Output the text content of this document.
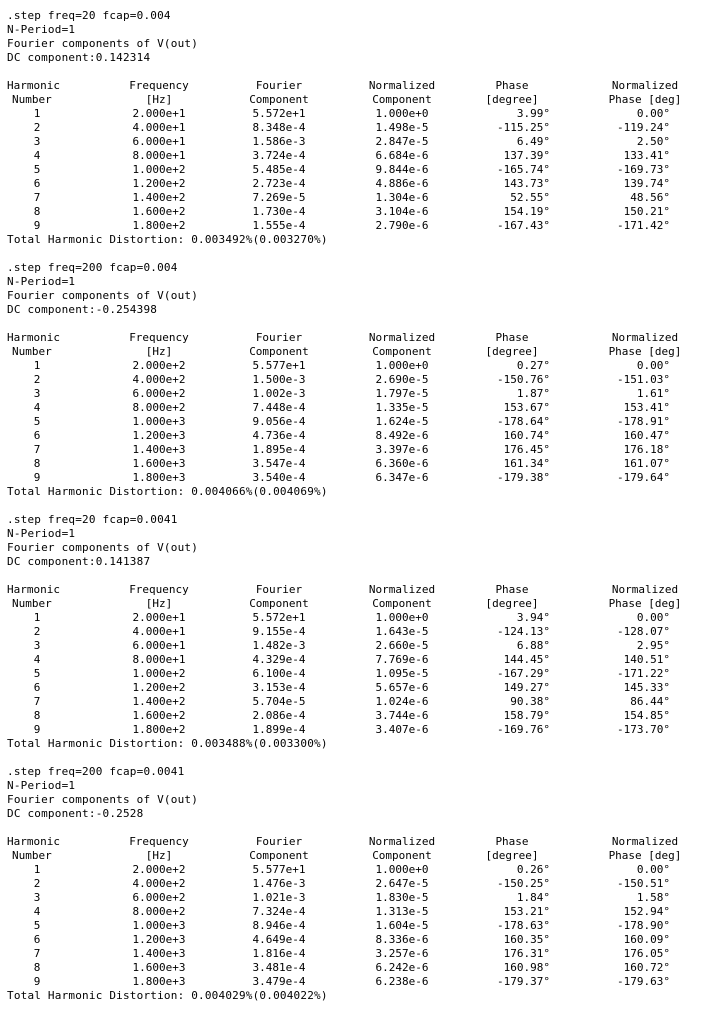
.step freq=20 fcap=0.004
N-Period=1
Fourier components of V(out)
DC component:0.142314
Harmonic	Frequency	Fourier	Normalized	Phase	Normalized
Number	[Hz]	Component	Component	[degree]	Phase [deg]
1	2.000e+1	5.572e+1	1.000e+0	3.99°	0.00°
2	4.000e+1	8.348e-4	1.498e-5	-115.25°	-119.24°
3	6.000e+1	1.586e-3	2.847e-5	6.49°	2.50°
4	8.000e+1	3.724e-4	6.684e-6	137.39°	133.41°
5	1.000e+2	5.485e-4	9.844e-6	-165.74°	-169.73°
6	1.200e+2	2.723e-4	4.886e-6	143.73°	139.74°
7	1.400e+2	7.269e-5	1.304e-6	52.55°	48.56°
8	1.600e+2	1.730e-4	3.104e-6	154.19°	150.21°
9	1.800e+2	1.555e-4	2.790e-6	-167.43°	-171.42°
Total Harmonic Distortion: 0.003492%(0.003270%)
.step freq=200 fcap=0.004
N-Period=1
Fourier components of V(out)
DC component:-0.254398
Harmonic	Frequency	Fourier	Normalized	Phase	Normalized
Number	[Hz]	Component	Component	[degree]	Phase [deg]
1	2.000e+2	5.577e+1	1.000e+0	0.27°	0.00°
2	4.000e+2	1.500e-3	2.690e-5	-150.76°	-151.03°
3	6.000e+2	1.002e-3	1.797e-5	1.87°	1.61°
4	8.000e+2	7.448e-4	1.335e-5	153.67°	153.41°
5	1.000e+3	9.056e-4	1.624e-5	-178.64°	-178.91°
6	1.200e+3	4.736e-4	8.492e-6	160.74°	160.47°
7	1.400e+3	1.895e-4	3.397e-6	176.45°	176.18°
8	1.600e+3	3.547e-4	6.360e-6	161.34°	161.07°
9	1.800e+3	3.540e-4	6.347e-6	-179.38°	-179.64°
Total Harmonic Distortion: 0.004066%(0.004069%)
.step freq=20 fcap=0.0041
N-Period=1
Fourier components of V(out)
DC component:0.141387
Harmonic	Frequency	Fourier	Normalized	Phase	Normalized
Number	[Hz]	Component	Component	[degree]	Phase [deg]
1	2.000e+1	5.572e+1	1.000e+0	3.94°	0.00°
2	4.000e+1	9.155e-4	1.643e-5	-124.13°	-128.07°
3	6.000e+1	1.482e-3	2.660e-5	6.88°	2.95°
4	8.000e+1	4.329e-4	7.769e-6	144.45°	140.51°
5	1.000e+2	6.100e-4	1.095e-5	-167.29°	-171.22°
6	1.200e+2	3.153e-4	5.657e-6	149.27°	145.33°
7	1.400e+2	5.704e-5	1.024e-6	90.38°	86.44°
8	1.600e+2	2.086e-4	3.744e-6	158.79°	154.85°
9	1.800e+2	1.899e-4	3.407e-6	-169.76°	-173.70°
Total Harmonic Distortion: 0.003488%(0.003300%)
.step freq=200 fcap=0.0041
N-Period=1
Fourier components of V(out)
DC component:-0.2528
Harmonic	Frequency	Fourier	Normalized	Phase	Normalized
Number	[Hz]	Component	Component	[degree]	Phase [deg]
1	2.000e+2	5.577e+1	1.000e+0	0.26°	0.00°
2	4.000e+2	1.476e-3	2.647e-5	-150.25°	-150.51°
3	6.000e+2	1.021e-3	1.830e-5	1.84°	1.58°
4	8.000e+2	7.324e-4	1.313e-5	153.21°	152.94°
5	1.000e+3	8.946e-4	1.604e-5	-178.63°	-178.90°
6	1.200e+3	4.649e-4	8.336e-6	160.35°	160.09°
7	1.400e+3	1.816e-4	3.257e-6	176.31°	176.05°
8	1.600e+3	3.481e-4	6.242e-6	160.98°	160.72°
9	1.800e+3	3.479e-4	6.238e-6	-179.37°	-179.63°
Total Harmonic Distortion: 0.004029%(0.004022%)
